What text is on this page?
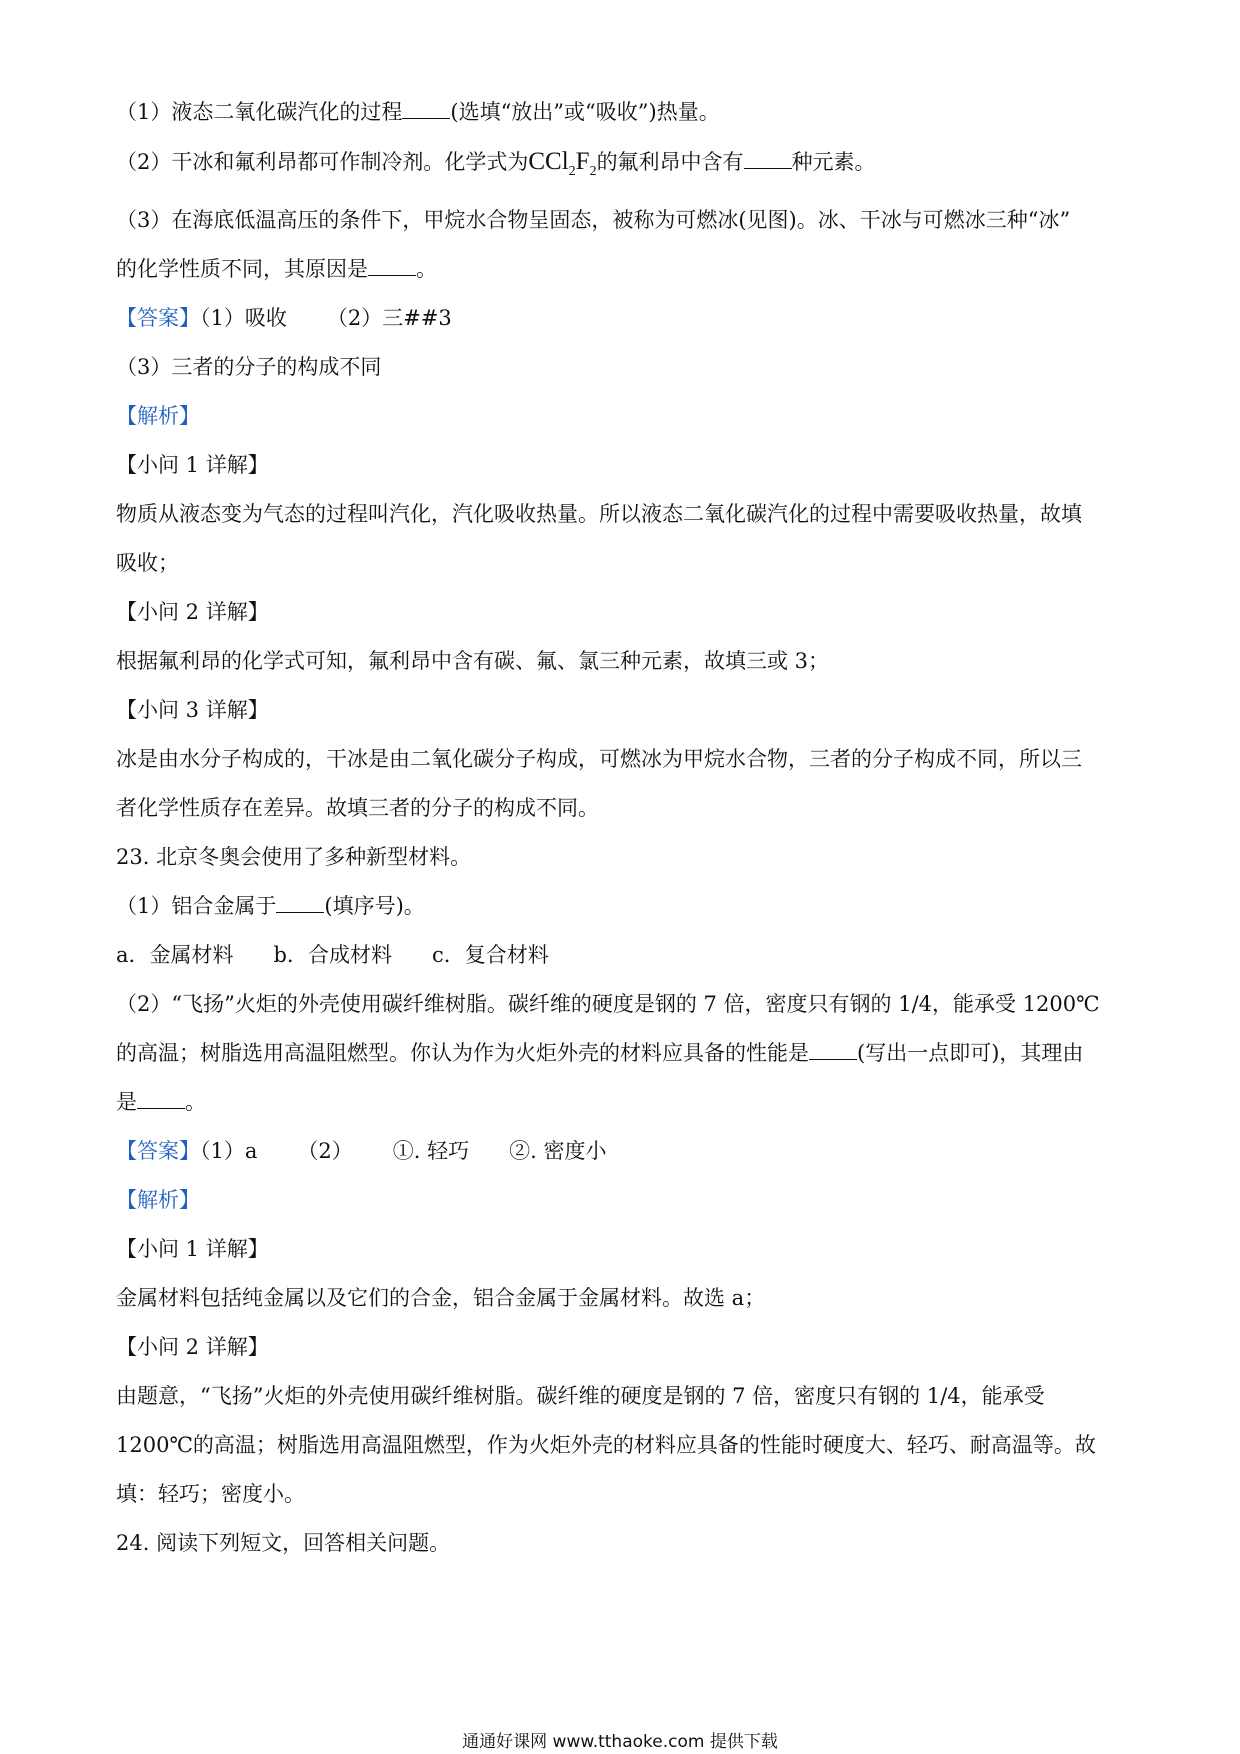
（1）液态二氧化碳汽化的过程 (选填“放出”或“吸收”)热量。
（2）干冰和氟利昂都可作制冷剂。化学式为$CCl_2F_2$的氟利昂中含有 种元素。
（3）在海底低温高压的条件下，甲烷水合物呈固态，被称为可燃冰(见图)。冰、干冰与可燃冰三种“冰”
的化学性质不同，其原因是 。
【答案】（1）吸收 （2）三##3
（3）三者的分子的构成不同
【解析】
【小问 1 详解】
物质从液态变为气态的过程叫汽化，汽化吸收热量。所以液态二氧化碳汽化的过程中需要吸收热量，故填
吸收；
【小问 2 详解】
根据氟利昂的化学式可知，氟利昂中含有碳、氟、氯三种元素，故填三或 3；
【小问 3 详解】
冰是由水分子构成的，干冰是由二氧化碳分子构成，可燃冰为甲烷水合物，三者的分子构成不同，所以三
者化学性质存在差异。故填三者的分子的构成不同。
23. 北京冬奥会使用了多种新型材料。
（1）铝合金属于 (填序号)。
a．金属材料 b．合成材料 c．复合材料
（2）“飞扬”火炬的外壳使用碳纤维树脂。碳纤维的硬度是钢的 7 倍，密度只有钢的 1/4，能承受 1200℃
的高温；树脂选用高温阻燃型。你认为作为火炬外壳的材料应具备的性能是 (写出一点即可)，其理由
是 。
【答案】（1）a （2） ①. 轻巧 ②. 密度小
【解析】
【小问 1 详解】
金属材料包括纯金属以及它们的合金，铝合金属于金属材料。故选 a；
【小问 2 详解】
由题意，“飞扬”火炬的外壳使用碳纤维树脂。碳纤维的硬度是钢的 7 倍，密度只有钢的 1/4，能承受
1200℃的高温；树脂选用高温阻燃型，作为火炬外壳的材料应具备的性能时硬度大、轻巧、耐高温等。故
填：轻巧；密度小。
24. 阅读下列短文，回答相关问题。
通通好课网 www.tthaoke.com 提供下载
